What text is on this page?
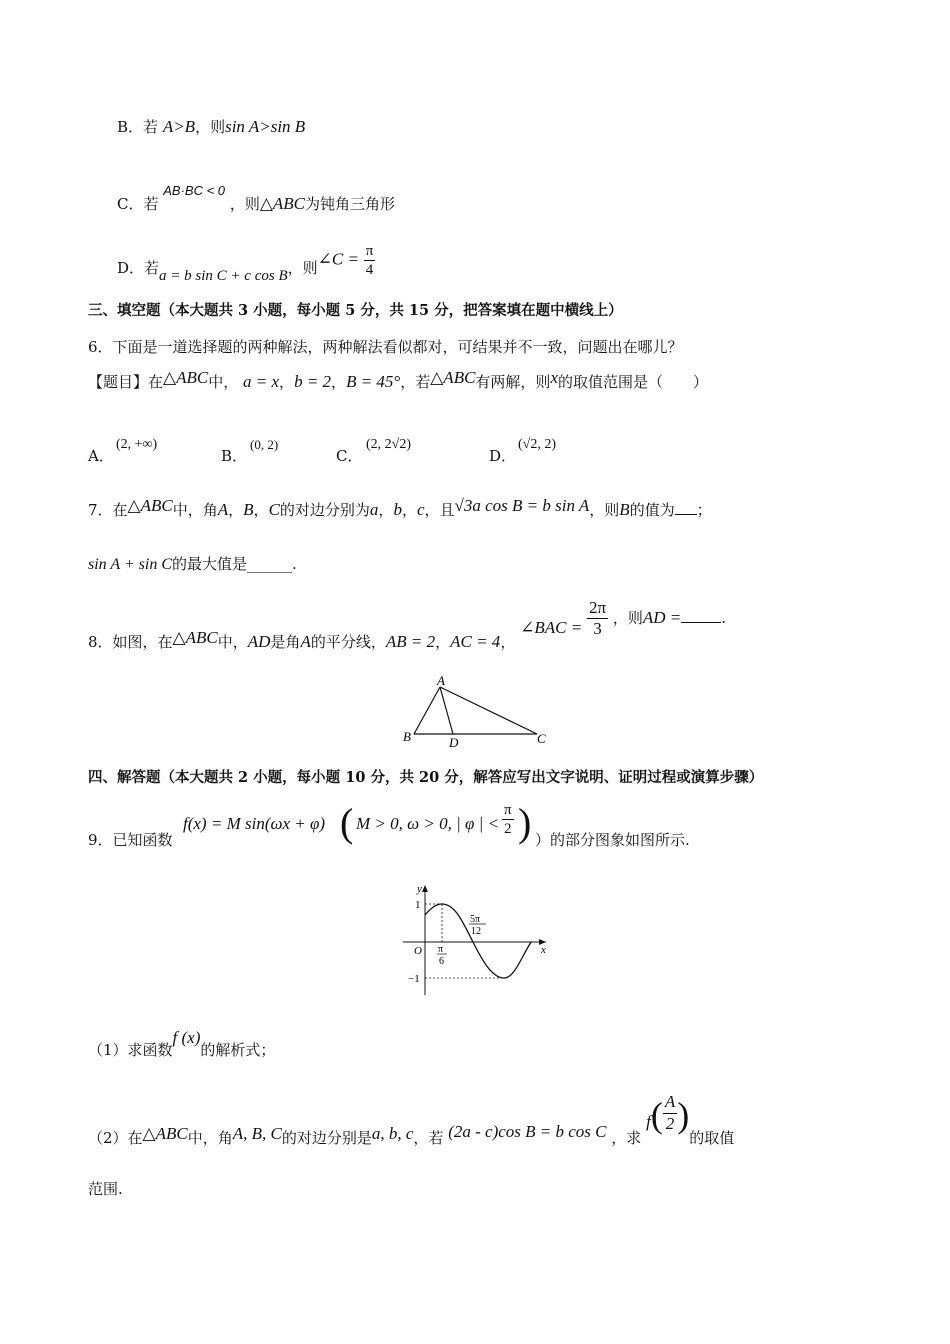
B．若 A>B，则sin A>sin B
C．若 AB·BC < 0 ，则△ABC为钝角三角形
D．若a = b sin C + c cos B，则∠C = $\frac{\pi}{4}$
三、填空题（本大题共 3 小题，每小题 5 分，共 15 分，把答案填在题中横线上）
6．下面是一道选择题的两种解法，两种解法看似都对，可结果并不一致，问题出在哪儿？
【题目】在△ABC中， a = x，b = 2，B = 45°，若△ABC有两解，则x的取值范围是（　　）
A．
(2, +∞)
B．
(0, 2)
C．
(2, 2√2)
D．
(√2, 2)
7．在△ABC中，角A，B，C的对边分别为a，b，c，且√3a cos B = b sin A，则B的值为 ；
sin A + sin C的最大值是______.
8．如图，在△ABC中，AD是角A的平分线，AB = 2，AC = 4， ∠BAC = $\frac{2\pi}{3}$ ，则AD =	.
A
B	C
D
四、解答题（本大题共 2 小题，每小题 10 分，共 20 分，解答应写出文字说明、证明过程或演算步骤）
9．已知函数
f(x) = M sin(ωx + φ) ( M > 0, ω > 0, | φ | < $\frac{\pi}{2}$ ) ）的部分图象如图所示.
y
x
1
−1
O π
6
5π
12
（1）求函数f (x)的解析式；
（2）在△ABC中，角A, B, C的对边分别是a, b, c，若 (2a - c)cos B = b cos C ，求 $f( \frac{A}{2}$ )的取值
范围.
